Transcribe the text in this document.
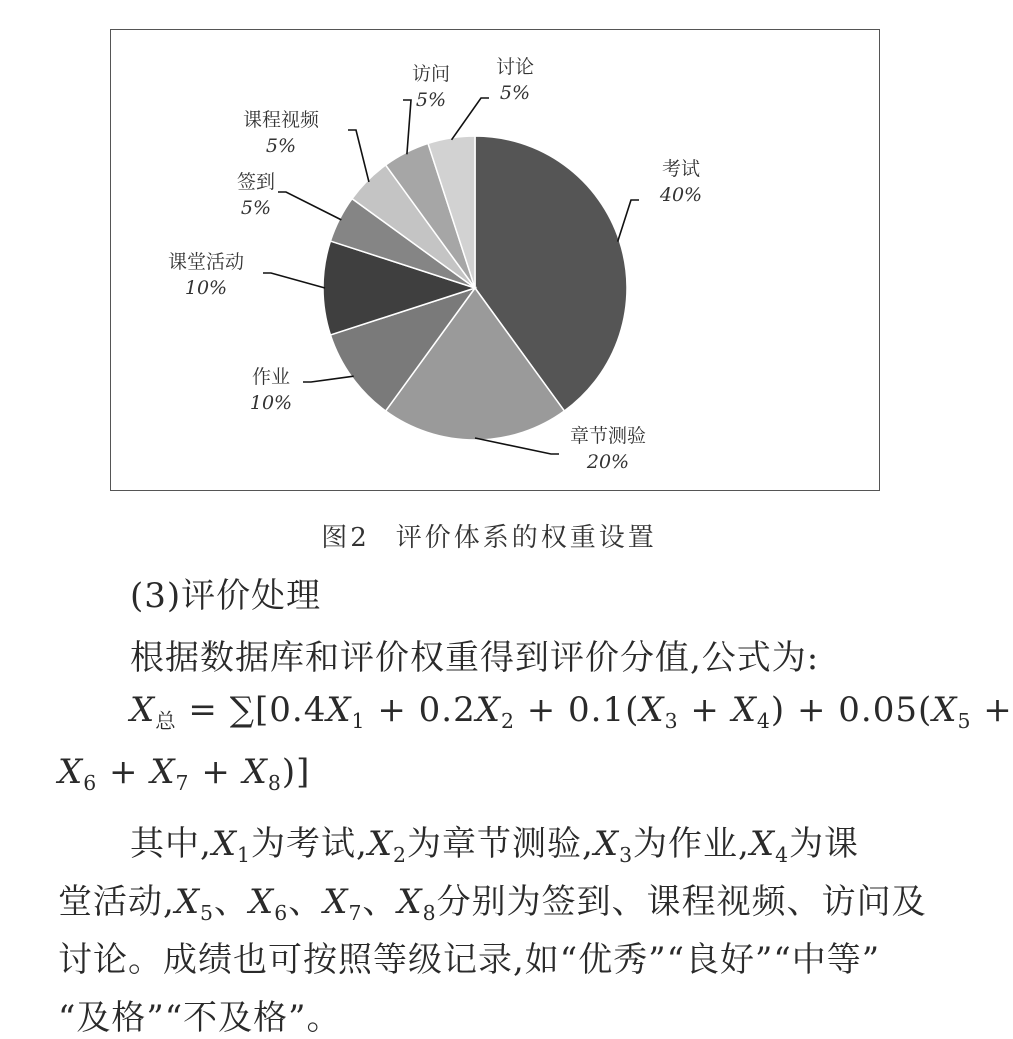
考试
40%
章节测验
20%
作业
10%
课堂活动
10%
签到
5%
课程视频
5%
访问
5%
讨论
5%
图2 评价体系的权重设置
(3)评价处理
根据数据库和评价权重得到评价分值,公式为:
$X_总 = \sum[0.4X_1 + 0.2X_2 + 0.1(X_3 + X_4) + 0.05(X_5$ +
$X_6 + X_7 + X_8$)]
其中$,X_1$为考试$,X_2$为章节测验$,X_3$为作业$,X_4$为课
堂活动$,X_5$、$X_6$、$X_7$、$X_8$分别为签到、课程视频、访问及
讨论。成绩也可按照等级记录,如“优秀”“良好”“中等”
“及格”“不及格”。
